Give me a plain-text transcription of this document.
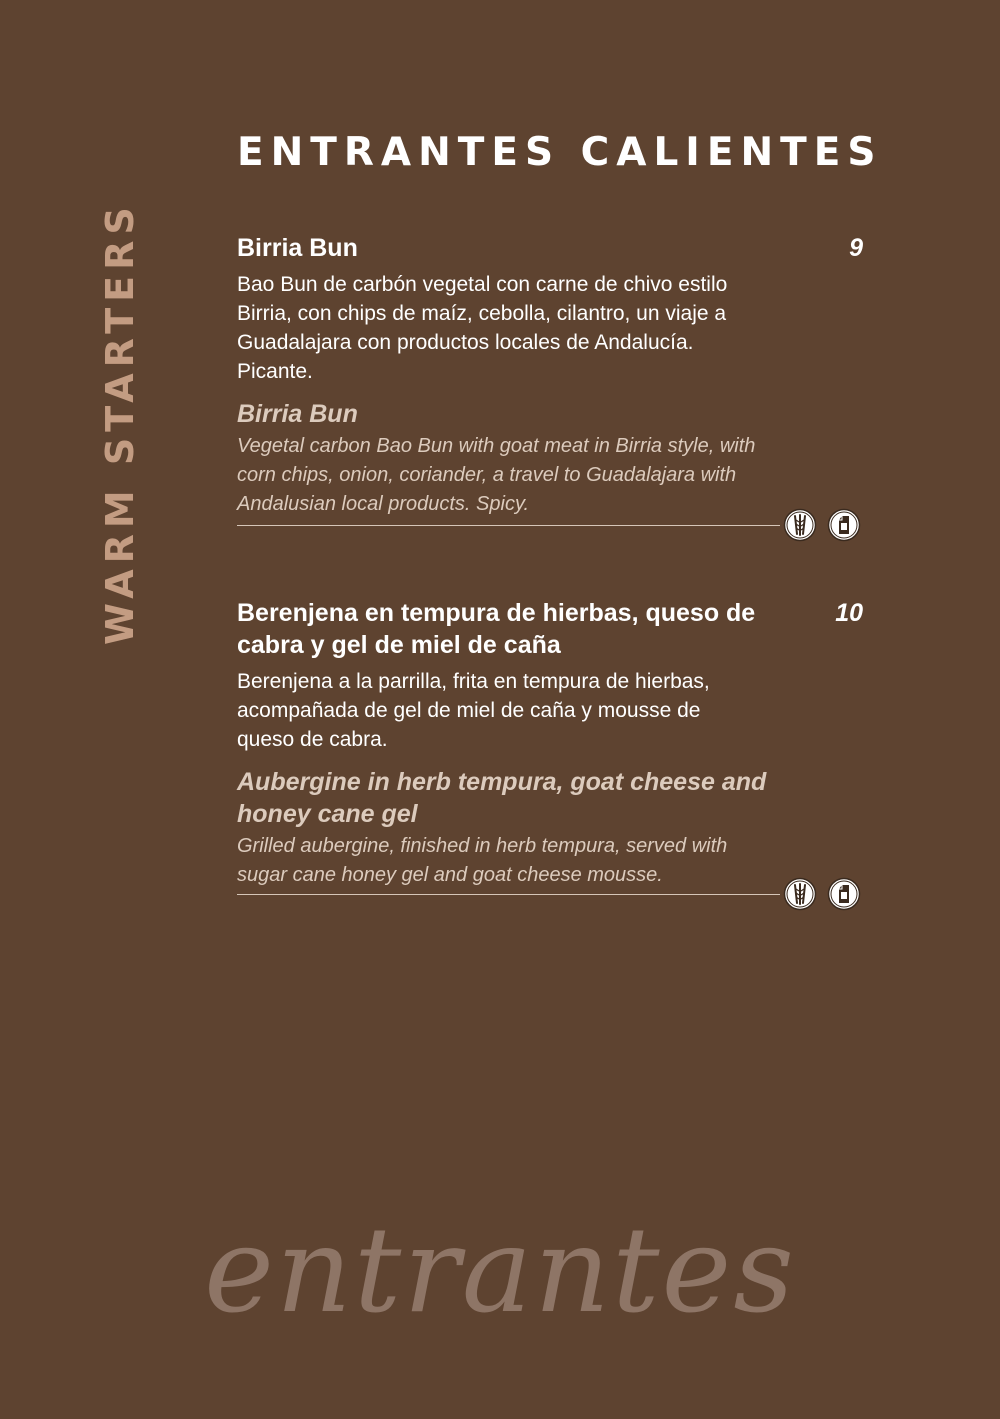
ENTRANTES CALIENTES
WARM STARTERS	Birria Bun	9
Bao Bun de carbón vegetal con carne de chivo estilo Birria, con chips de maíz, cebolla, cilantro, un viaje a Guadalajara con productos locales de Andalucía. Picante.
Birria Bun
Vegetal carbon Bao Bun with goat meat in Birria style, with corn chips, onion, coriander, a travel to Guadalajara with Andalusian local products. Spicy.
Berenjena en tempura de hierbas, queso de cabra y gel de miel de caña
10
Berenjena a la parrilla, frita en tempura de hierbas, acompañada de gel de miel de caña y mousse de queso de cabra.
Aubergine in herb tempura, goat cheese and honey cane gel
Grilled aubergine, finished in herb tempura, served with sugar cane honey gel and goat cheese mousse.
entrantes
